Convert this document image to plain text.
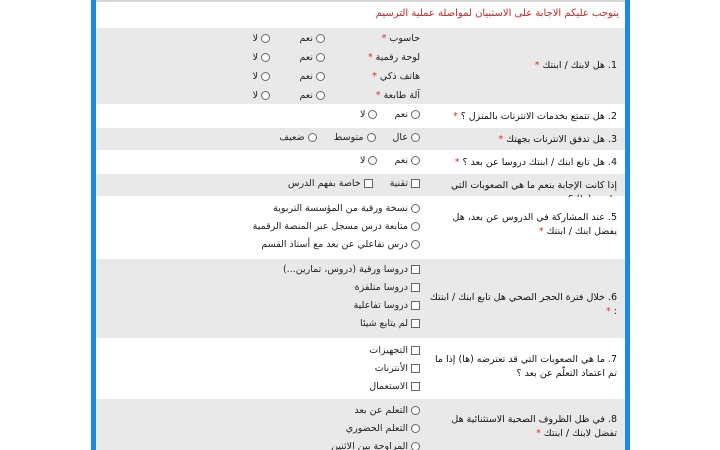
يتوجب عليكم الاجابة على الاستبيان لمواصلة عملية الترسيم
1. هل لابنك / ابنتك *
حاسوب *
نعم
لا
لوحة رقمية *
نعم
لا
هاتف ذكي *
نعم
لا
آلة طابعة *
نعم
لا
2. هل تتمتع بخدمات الانترنات بالمنزل ؟ *
نعم لا
3. هل تدفق الانترنات بجهتك *
عال متوسط ضعيف
4. هل تابع ابنك / ابنتك دروسا عن بعد ؟ *
نعم لا
إذا كانت الإجابة بنعم ما هي الصعوبات التي
تقنية خاصة بفهم الدرس
5. عند المشاركة في الدروس عن بعد، هل يفضل ابنك / ابنتك *
نسخة ورقية من المؤسسة التربوية
متابعة درس مسجل عبر المنصة الرقمية
درس تفاعلي عن بعد مع أستاذ القسم
6. خلال فترة الحجر الصحي هل تابع ابنك / ابنتك : *
دروسا ورقية (دروس، تمارين...)
دروسا متلفزة
دروسا تفاعلية
لم يتابع شيئا
7. ما هي الصعوبات التي قد تعترضه (ها) إذا ما تم اعتماد التعلّم عن بعد ؟
التجهيزات
الأنترنات
الاستعمال
8. في ظل الظروف الصحية الاستثنائية هل تفضل لابنك / ابنتك *
التعلم عن بعد
التعلم الحضوري
المراوحة بين الاثنين
